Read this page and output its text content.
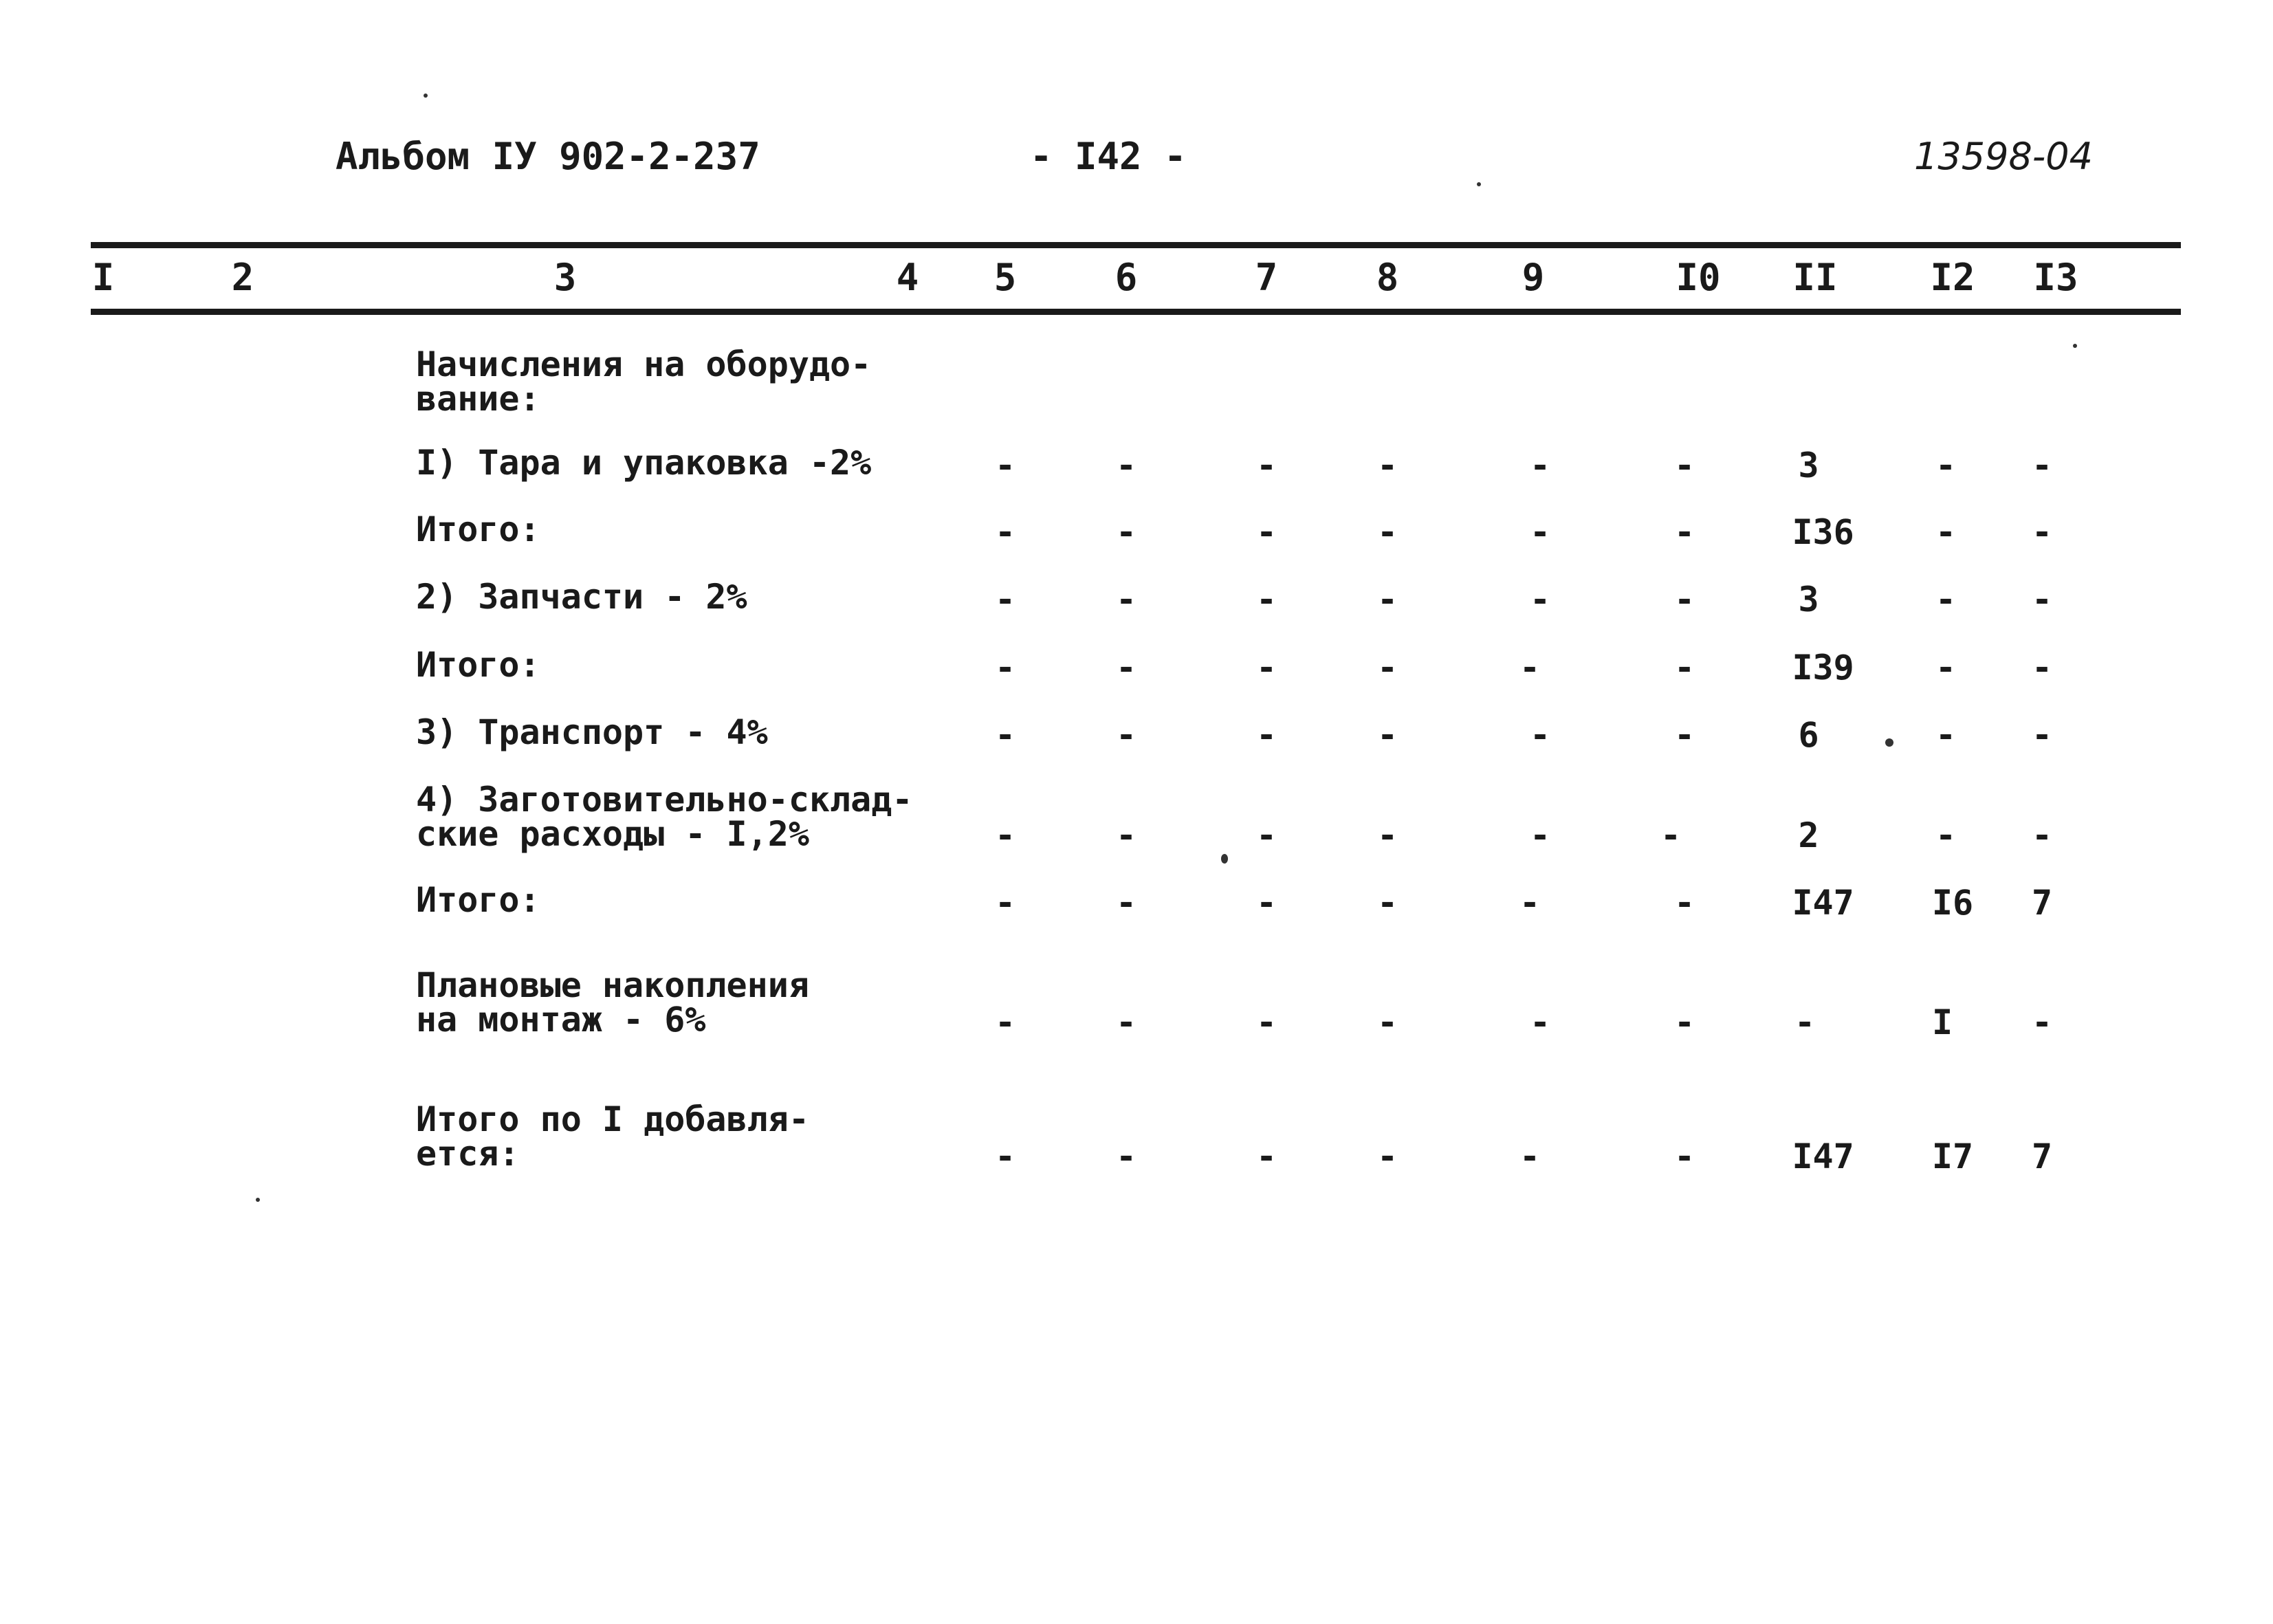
Альбом IУ 902-2-237	- I42 -	13598-04
I	2	3	4 5	6	7	8	9	I0 II I2 I3
Начисления на оборудо-
вание:
I) Тара и упаковка -2%	-	-	-	-	-	-	3	- -
Итого:	-	-	-	-	-	-	I36 - -
2) Запчасти - 2%	-	-	-	-	-	-	3	- -
Итого:	-	-	-	-	-	-	I39 - -
3) Транспорт - 4%	-	-	-	-	-	-	6	- -
4) Заготовительно-склад-
ские расходы - I,2%	-	-	-	-	-	-	2	- -
Итого:	-	-	-	-	-	-	I47 I6 7
Плановые накопления
на монтаж - 6%	-	-	-	-	-	-	-	I -
Итого по I добавля-
ется:	-	-	-	-	-	-	I47 I7 7
